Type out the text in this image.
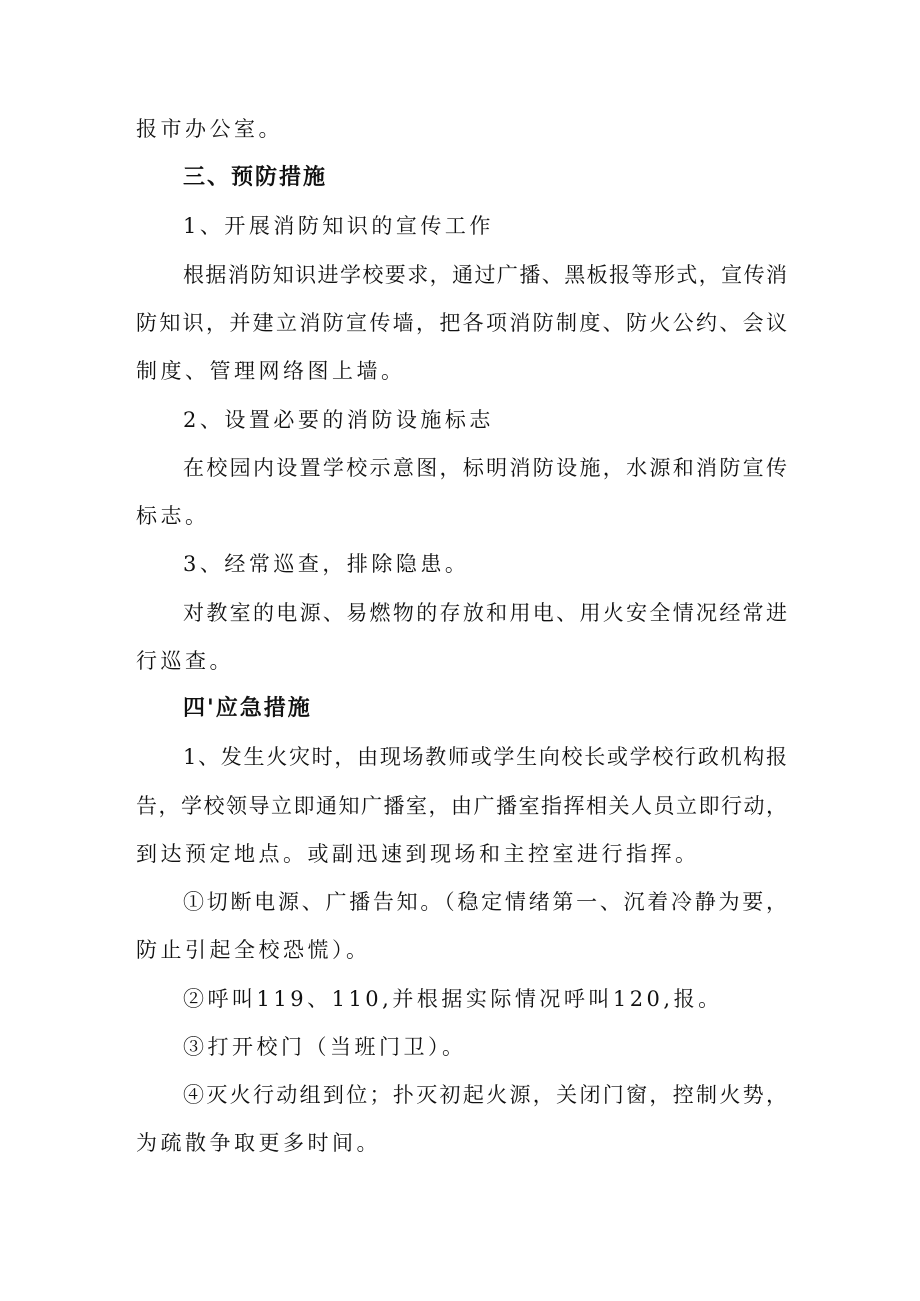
报市办公室。
三、预防措施
1、开展消防知识的宣传工作
根据消防知识进学校要求，通过广播、黑板报等形式，宣传消
防知识，并建立消防宣传墙，把各项消防制度、防火公约、会议
制度、管理网络图上墙。
2、设置必要的消防设施标志
在校园内设置学校示意图，标明消防设施，水源和消防宣传
标志。
3、经常巡查，排除隐患。
对教室的电源、易燃物的存放和用电、用火安全情况经常进
行巡查。
四'应急措施
1、发生火灾时，由现场教师或学生向校长或学校行政机构报
告，学校领导立即通知广播室，由广播室指挥相关人员立即行动，
到达预定地点。或副迅速到现场和主控室进行指挥。
①切断电源、广播告知。（稳定情绪第一、沉着冷静为要，
防止引起全校恐慌）。
②呼叫119、110,并根据实际情况呼叫120,报。
③打开校门（当班门卫）。
④灭火行动组到位；扑灭初起火源，关闭门窗，控制火势，
为疏散争取更多时间。
